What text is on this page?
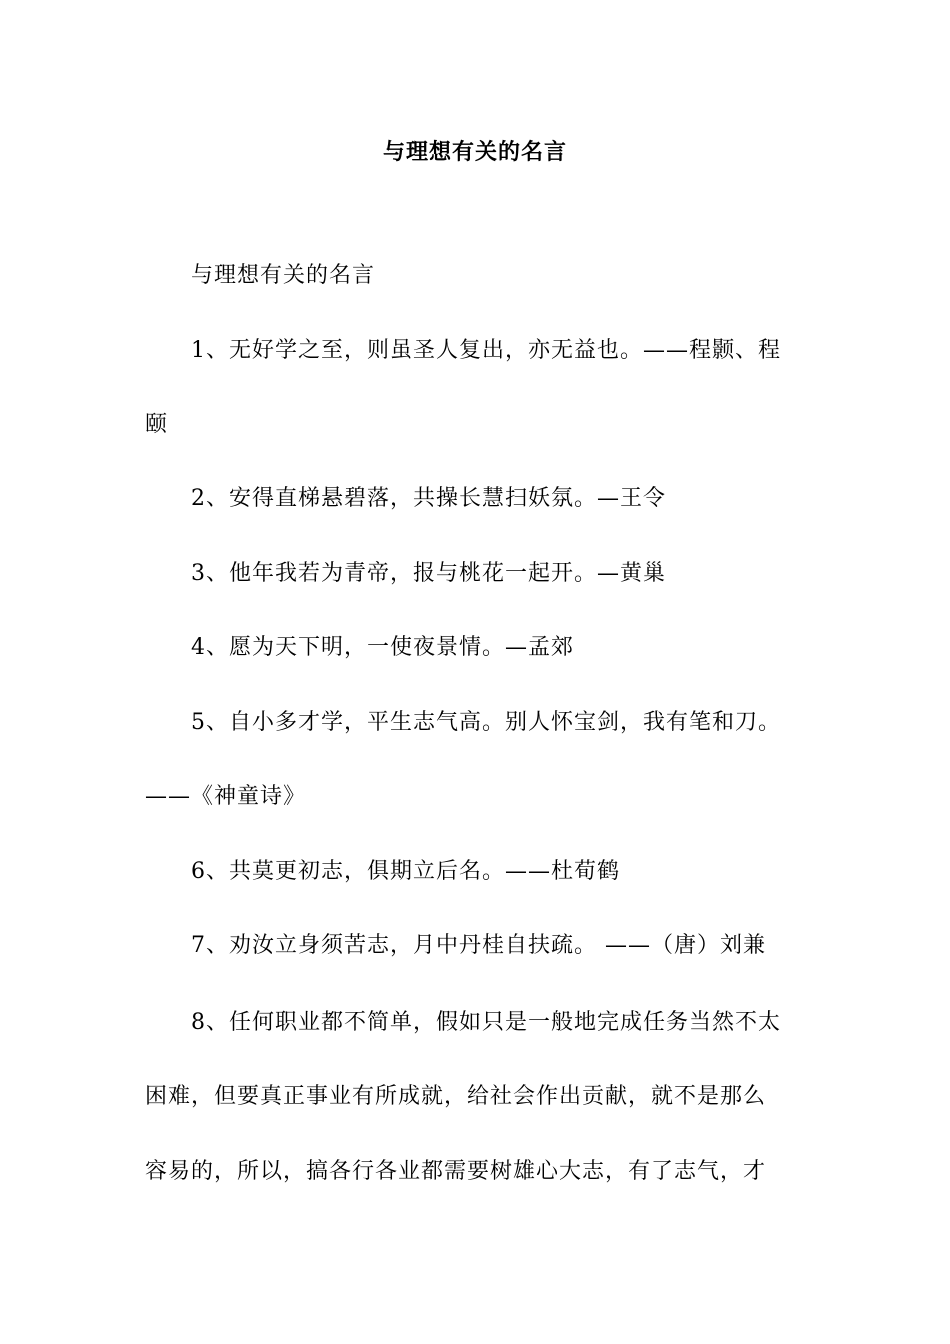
与理想有关的名言
与理想有关的名言
1、无好学之至，则虽圣人复出，亦无益也。——程颢、程
颐
2、安得直梯悬碧落，共操长慧扫妖氛。—王令
3、他年我若为青帝，报与桃花一起开。—黄巢
4、愿为天下明，一使夜景情。—孟郊
5、自小多才学，平生志气高。别人怀宝剑，我有笔和刀。
——《神童诗》
6、共莫更初志，俱期立后名。——杜荀鹤
7、劝汝立身须苦志，月中丹桂自扶疏。 ——（唐）刘兼
8、任何职业都不简单，假如只是一般地完成任务当然不太
困难，但要真正事业有所成就，给社会作出贡献，就不是那么
容易的，所以，搞各行各业都需要树雄心大志，有了志气，才
